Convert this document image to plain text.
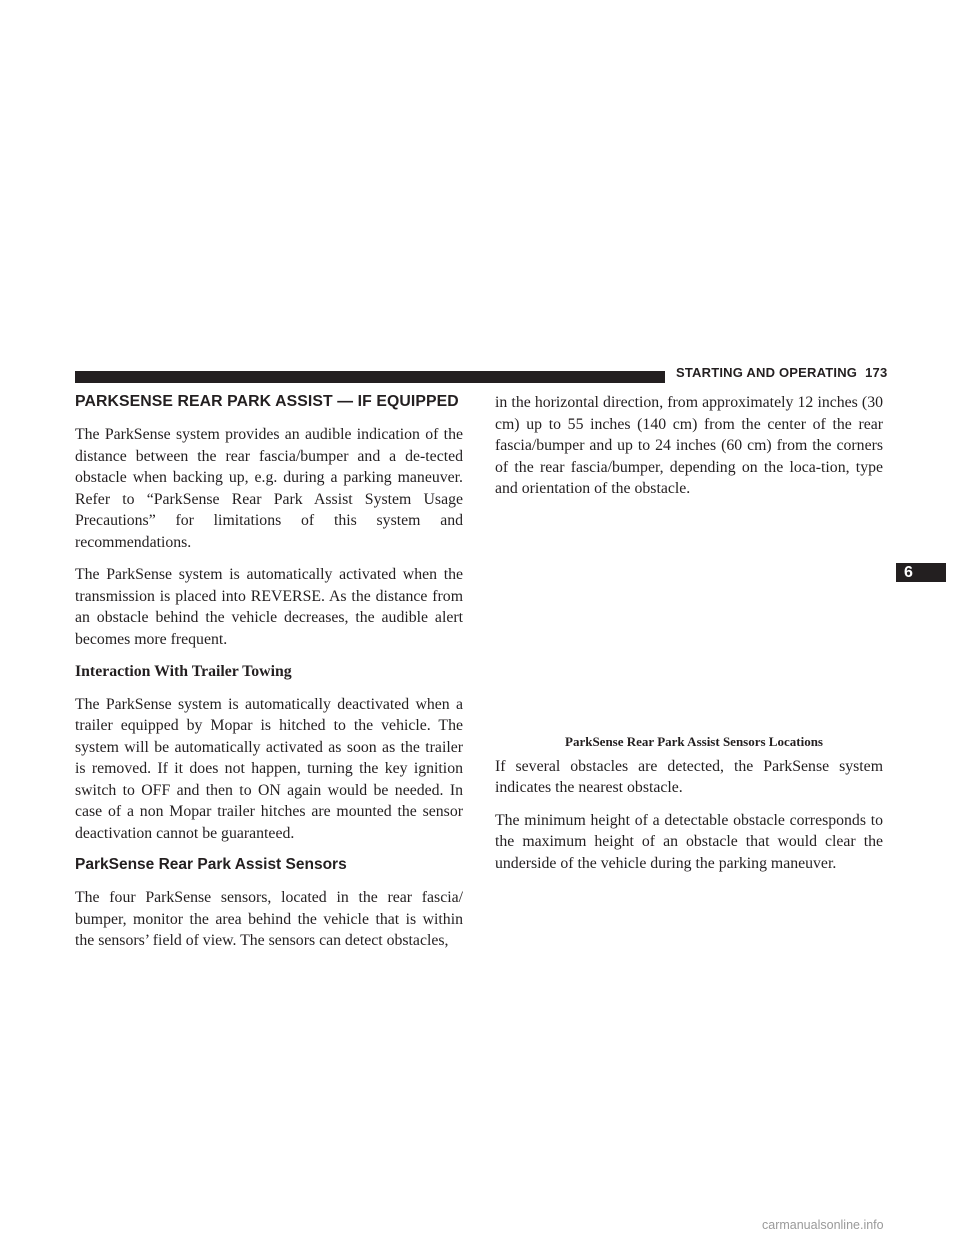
STARTING AND OPERATING 173
PARKSENSE REAR PARK ASSIST — IF EQUIPPED

The ParkSense system provides an audible indication of the distance between the rear fascia/bumper and a de-tected obstacle when backing up, e.g. during a parking maneuver. Refer to “ParkSense Rear Park Assist System Usage Precautions” for limitations of this system and recommendations.

The ParkSense system is automatically activated when the transmission is placed into REVERSE. As the distance from an obstacle behind the vehicle decreases, the audible alert becomes more frequent.

Interaction With Trailer Towing

The ParkSense system is automatically deactivated when a trailer equipped by Mopar is hitched to the vehicle. The system will be automatically activated as soon as the trailer is removed. If it does not happen, turning the key ignition switch to OFF and then to ON again would be needed. In case of a non Mopar trailer hitches are mounted the sensor deactivation cannot be guaranteed.

ParkSense Rear Park Assist Sensors

The four ParkSense sensors, located in the rear fascia/ bumper, monitor the area behind the vehicle that is within the sensors’ field of view. The sensors can detect obstacles,

in the horizontal direction, from approximately 12 inches (30 cm) up to 55 inches (140 cm) from the center of the rear fascia/bumper and up to 24 inches (60 cm) from the corners of the rear fascia/bumper, depending on the loca-tion, type and orientation of the obstacle.

ParkSense Rear Park Assist Sensors Locations

If several obstacles are detected, the ParkSense system indicates the nearest obstacle.

The minimum height of a detectable obstacle corresponds to the maximum height of an obstacle that would clear the underside of the vehicle during the parking maneuver.

6
carmanualsonline.info
